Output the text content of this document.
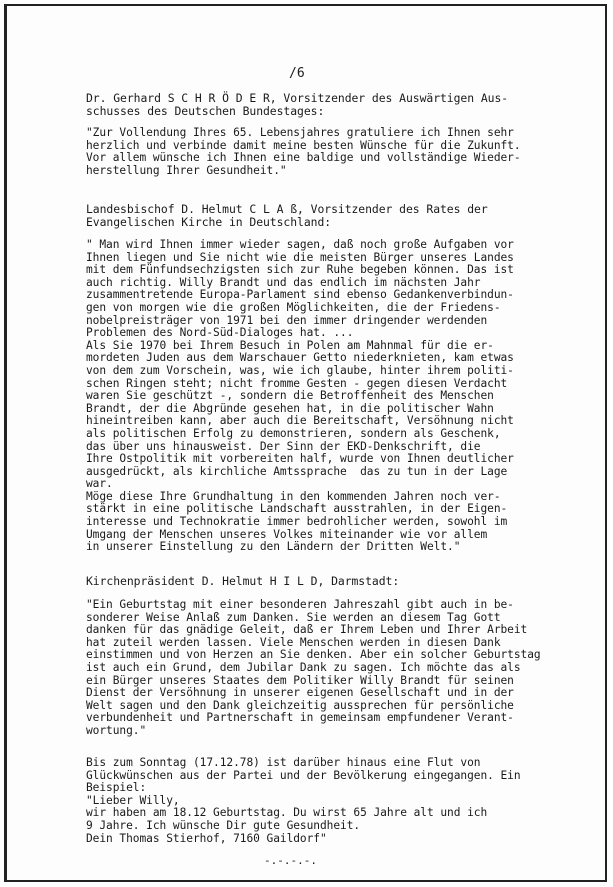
/6
Dr. Gerhard S C H R Ö D E R, Vorsitzender des Auswärtigen Aus-
schusses des Deutschen Bundestages:
"Zur Vollendung Ihres 65. Lebensjahres gratuliere ich Ihnen sehr
herzlich und verbinde damit meine besten Wünsche für die Zukunft.
Vor allem wünsche ich Ihnen eine baldige und vollständige Wieder-
herstellung Ihrer Gesundheit."
Landesbischof D. Helmut C L A ß, Vorsitzender des Rates der
Evangelischen Kirche in Deutschland:
" Man wird Ihnen immer wieder sagen, daß noch große Aufgaben vor
Ihnen liegen und Sie nicht wie die meisten Bürger unseres Landes
mit dem Fünfundsechzigsten sich zur Ruhe begeben können. Das ist
auch richtig. Willy Brandt und das endlich im nächsten Jahr
zusammentretende Europa-Parlament sind ebenso Gedankenverbindun-
gen von morgen wie die großen Möglichkeiten, die der Friedens-
nobelpreisträger von 1971 bei den immer dringender werdenden
Problemen des Nord-Süd-Dialoges hat. ...
Als Sie 1970 bei Ihrem Besuch in Polen am Mahnmal für die er-
mordeten Juden aus dem Warschauer Getto niederknieten, kam etwas
von dem zum Vorschein, was, wie ich glaube, hinter ihrem politi-
schen Ringen steht; nicht fromme Gesten - gegen diesen Verdacht
waren Sie geschützt -, sondern die Betroffenheit des Menschen
Brandt, der die Abgründe gesehen hat, in die politischer Wahn
hineintreiben kann, aber auch die Bereitschaft, Versöhnung nicht
als politischen Erfolg zu demonstrieren, sondern als Geschenk,
das über uns hinausweist. Der Sinn der EKD-Denkschrift, die
Ihre Ostpolitik mit vorbereiten half, wurde von Ihnen deutlicher
ausgedrückt, als kirchliche Amtssprache  das zu tun in der Lage
war.
Möge diese Ihre Grundhaltung in den kommenden Jahren noch ver-
stärkt in eine politische Landschaft ausstrahlen, in der Eigen-
interesse und Technokratie immer bedrohlicher werden, sowohl im
Umgang der Menschen unseres Volkes miteinander wie vor allem
in unserer Einstellung zu den Ländern der Dritten Welt."
Kirchenpräsident D. Helmut H I L D, Darmstadt:
"Ein Geburtstag mit einer besonderen Jahreszahl gibt auch in be-
sonderer Weise Anlaß zum Danken. Sie werden an diesem Tag Gott
danken für das gnädige Geleit, daß er Ihrem Leben und Ihrer Arbeit
hat zuteil werden lassen. Viele Menschen werden in diesen Dank
einstimmen und von Herzen an Sie denken. Aber ein solcher Geburtstag
ist auch ein Grund, dem Jubilar Dank zu sagen. Ich möchte das als
ein Bürger unseres Staates dem Politiker Willy Brandt für seinen
Dienst der Versöhnung in unserer eigenen Gesellschaft und in der
Welt sagen und den Dank gleichzeitig aussprechen für persönliche
verbundenheit und Partnerschaft in gemeinsam empfundener Verant-
wortung."
Bis zum Sonntag (17.12.78) ist darüber hinaus eine Flut von
Glückwünschen aus der Partei und der Bevölkerung eingegangen. Ein
Beispiel:
"Lieber Willy,
wir haben am 18.12 Geburtstag. Du wirst 65 Jahre alt und ich
9 Jahre. Ich wünsche Dir gute Gesundheit.
Dein Thomas Stierhof, 7160 Gaildorf"
-.-.-.-.
